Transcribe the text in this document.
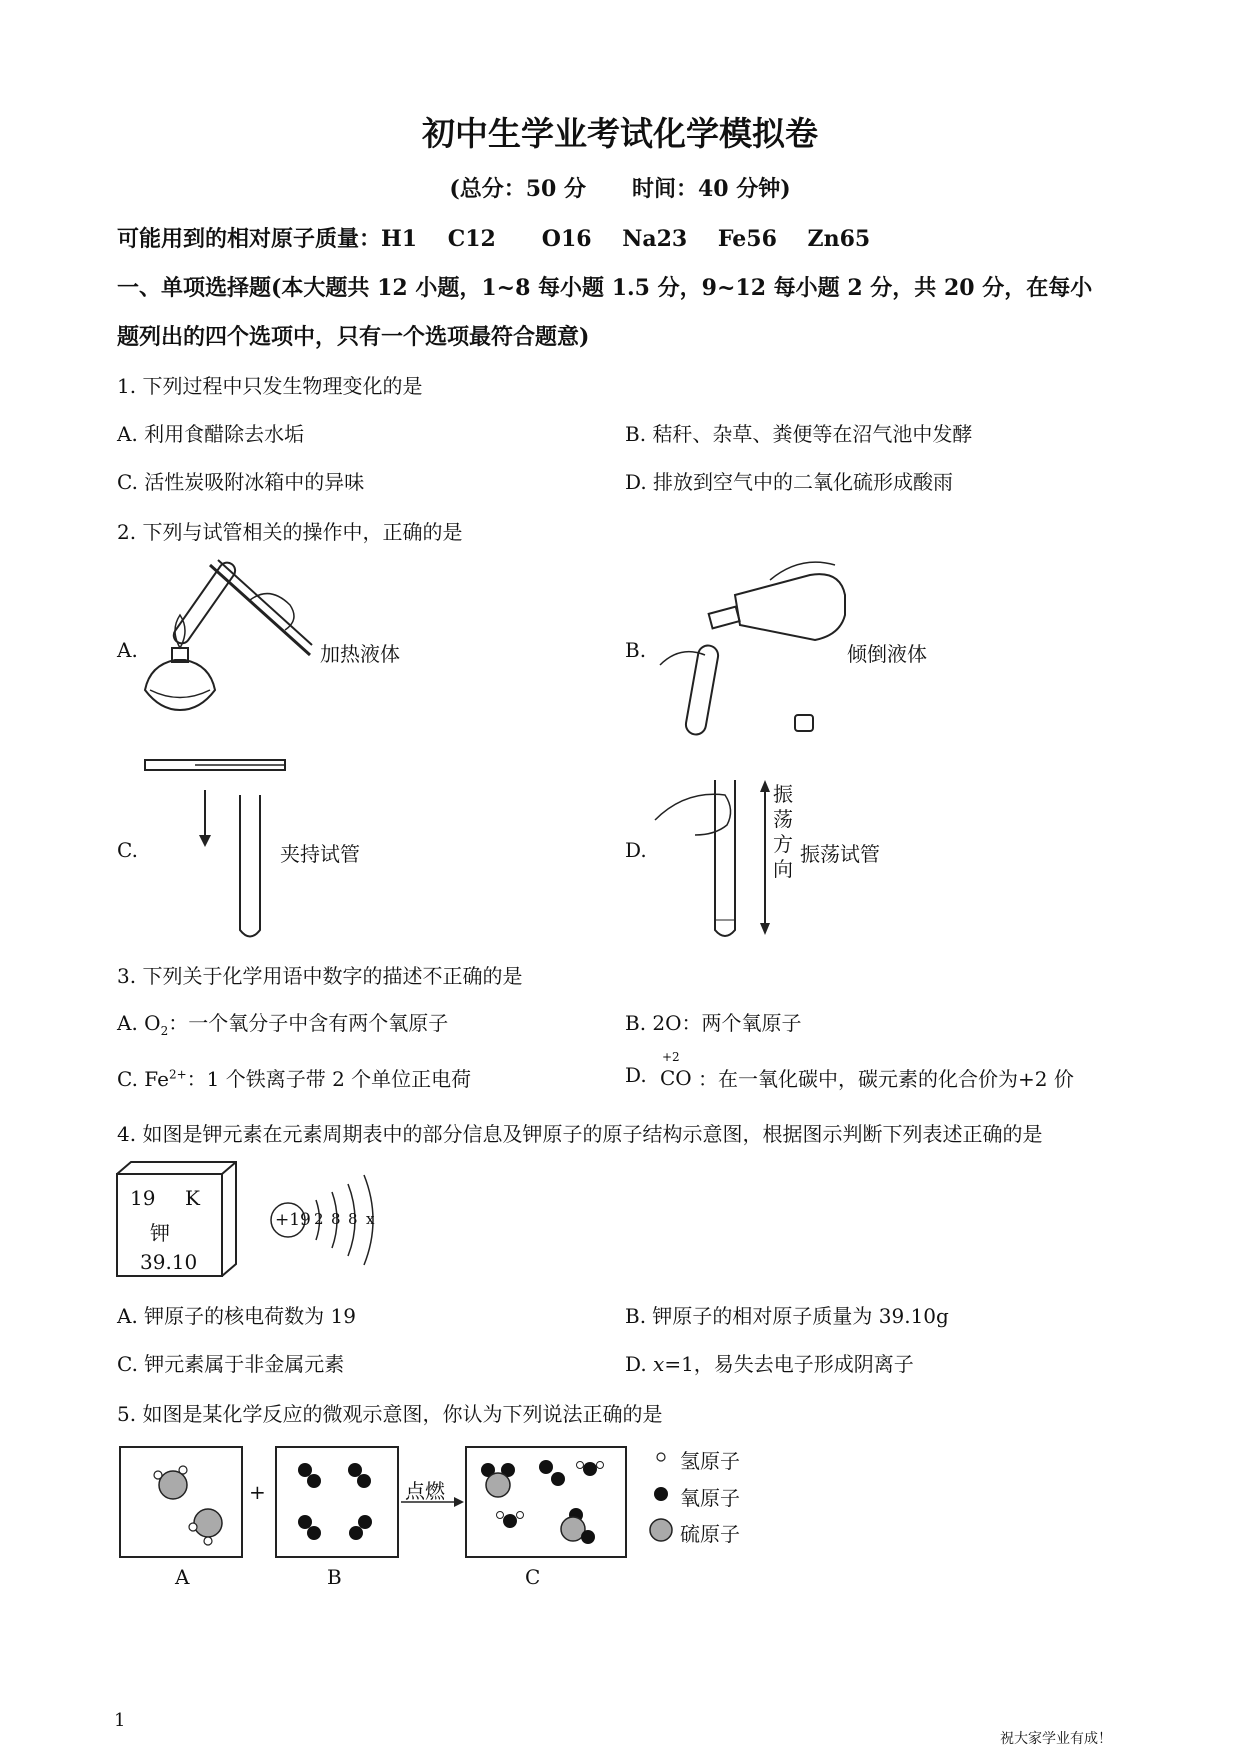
初中生学业考试化学模拟卷
(总分：50 分      时间：40 分钟)
可能用到的相对原子质量：H1    C12      O16    Na23    Fe56    Zn65
一、单项选择题(本大题共 12 小题，1~8 每小题 1.5 分，9~12 每小题 2 分，共 20 分，在每小
题列出的四个选项中，只有一个选项最符合题意)
1. 下列过程中只发生物理变化的是
A. 利用食醋除去水垢	B. 秸秆、杂草、粪便等在沼气池中发酵
C. 活性炭吸附冰箱中的异味	D. 排放到空气中的二氧化硫形成酸雨
2. 下列与试管相关的操作中，正确的是
A.	加热液体	B.	倾倒液体
C.	夹持试管	D.
振
荡
方
向
振荡试管
3. 下列关于化学用语中数字的描述不正确的是
A. $O_2$：一个氧分子中含有两个氧原子	B. 2O：两个氧原子
C. $Fe^{2+}$：1 个铁离子带 2 个单位正电荷	D.
+2
CO ：在一氧化碳中，碳元素的化合价为+2 价
4. 如图是钾元素在元素周期表中的部分信息及钾原子的原子结构示意图，根据图示判断下列表述正确的是
19 K
钾
39.10
+19 2 8 8 x
A. 钾原子的核电荷数为 19	B. 钾原子的相对原子质量为 39.10g
C. 钾元素属于非金属元素	D. x=1，易失去电子形成阴离子
5. 如图是某化学反应的微观示意图，你认为下列说法正确的是
+	点燃
A	B	C
氢原子
氧原子
硫原子
1
祝大家学业有成！
